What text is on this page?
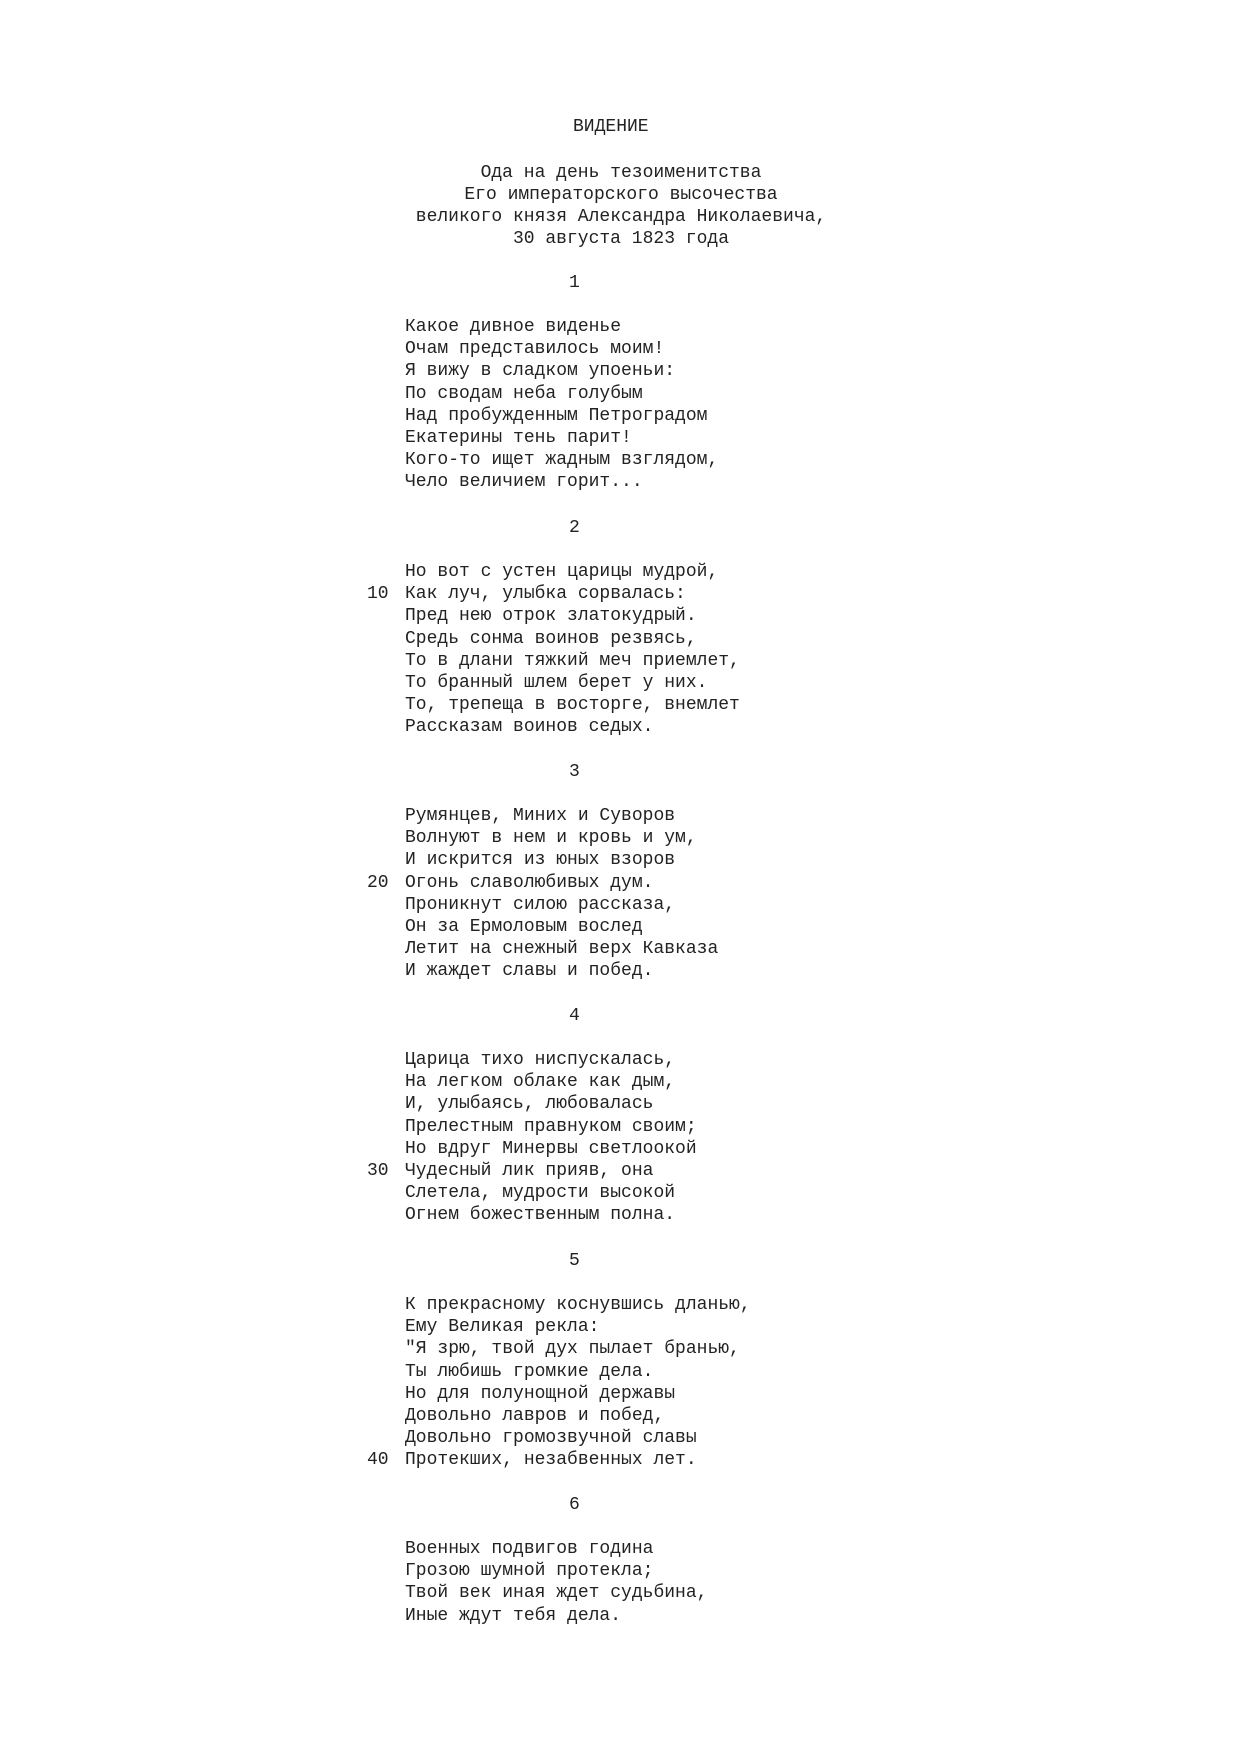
ВИДЕНИЕ
Ода на день тезоименитства
Его императорского высочества
великого князя Александра Николаевича,
30 августа 1823 года
1
Какое дивное виденье
Очам представилось моим!
Я вижу в сладком упоеньи:
По сводам неба голубым
Над пробужденным Петроградом
Екатерины тень парит!
Кого-то ищет жадным взглядом,
Чело величием горит...
2
Но вот с устен царицы мудрой,
10 Как луч, улыбка сорвалась:
Пред нею отрок златокудрый.
Средь сонма воинов резвясь,
То в длани тяжкий меч приемлет,
То бранный шлем берет у них.
То, трепеща в восторге, внемлет
Рассказам воинов седых.
3
Румянцев, Миних и Суворов
Волнуют в нем и кровь и ум,
И искрится из юных взоров
20 Огонь славолюбивых дум.
Проникнут силою рассказа,
Он за Ермоловым вослед
Летит на снежный верх Кавказа
И жаждет славы и побед.
4
Царица тихо ниспускалась,
На легком облаке как дым,
И, улыбаясь, любовалась
Прелестным правнуком своим;
Но вдруг Минервы светлоокой
30 Чудесный лик прияв, она
Слетела, мудрости высокой
Огнем божественным полна.
5
К прекрасному коснувшись дланью,
Ему Великая рекла:
"Я зрю, твой дух пылает бранью,
Ты любишь громкие дела.
Но для полунощной державы
Довольно лавров и побед,
Довольно громозвучной славы
40 Протекших, незабвенных лет.
6
Военных подвигов година
Грозою шумной протекла;
Твой век иная ждет судьбина,
Иные ждут тебя дела.
